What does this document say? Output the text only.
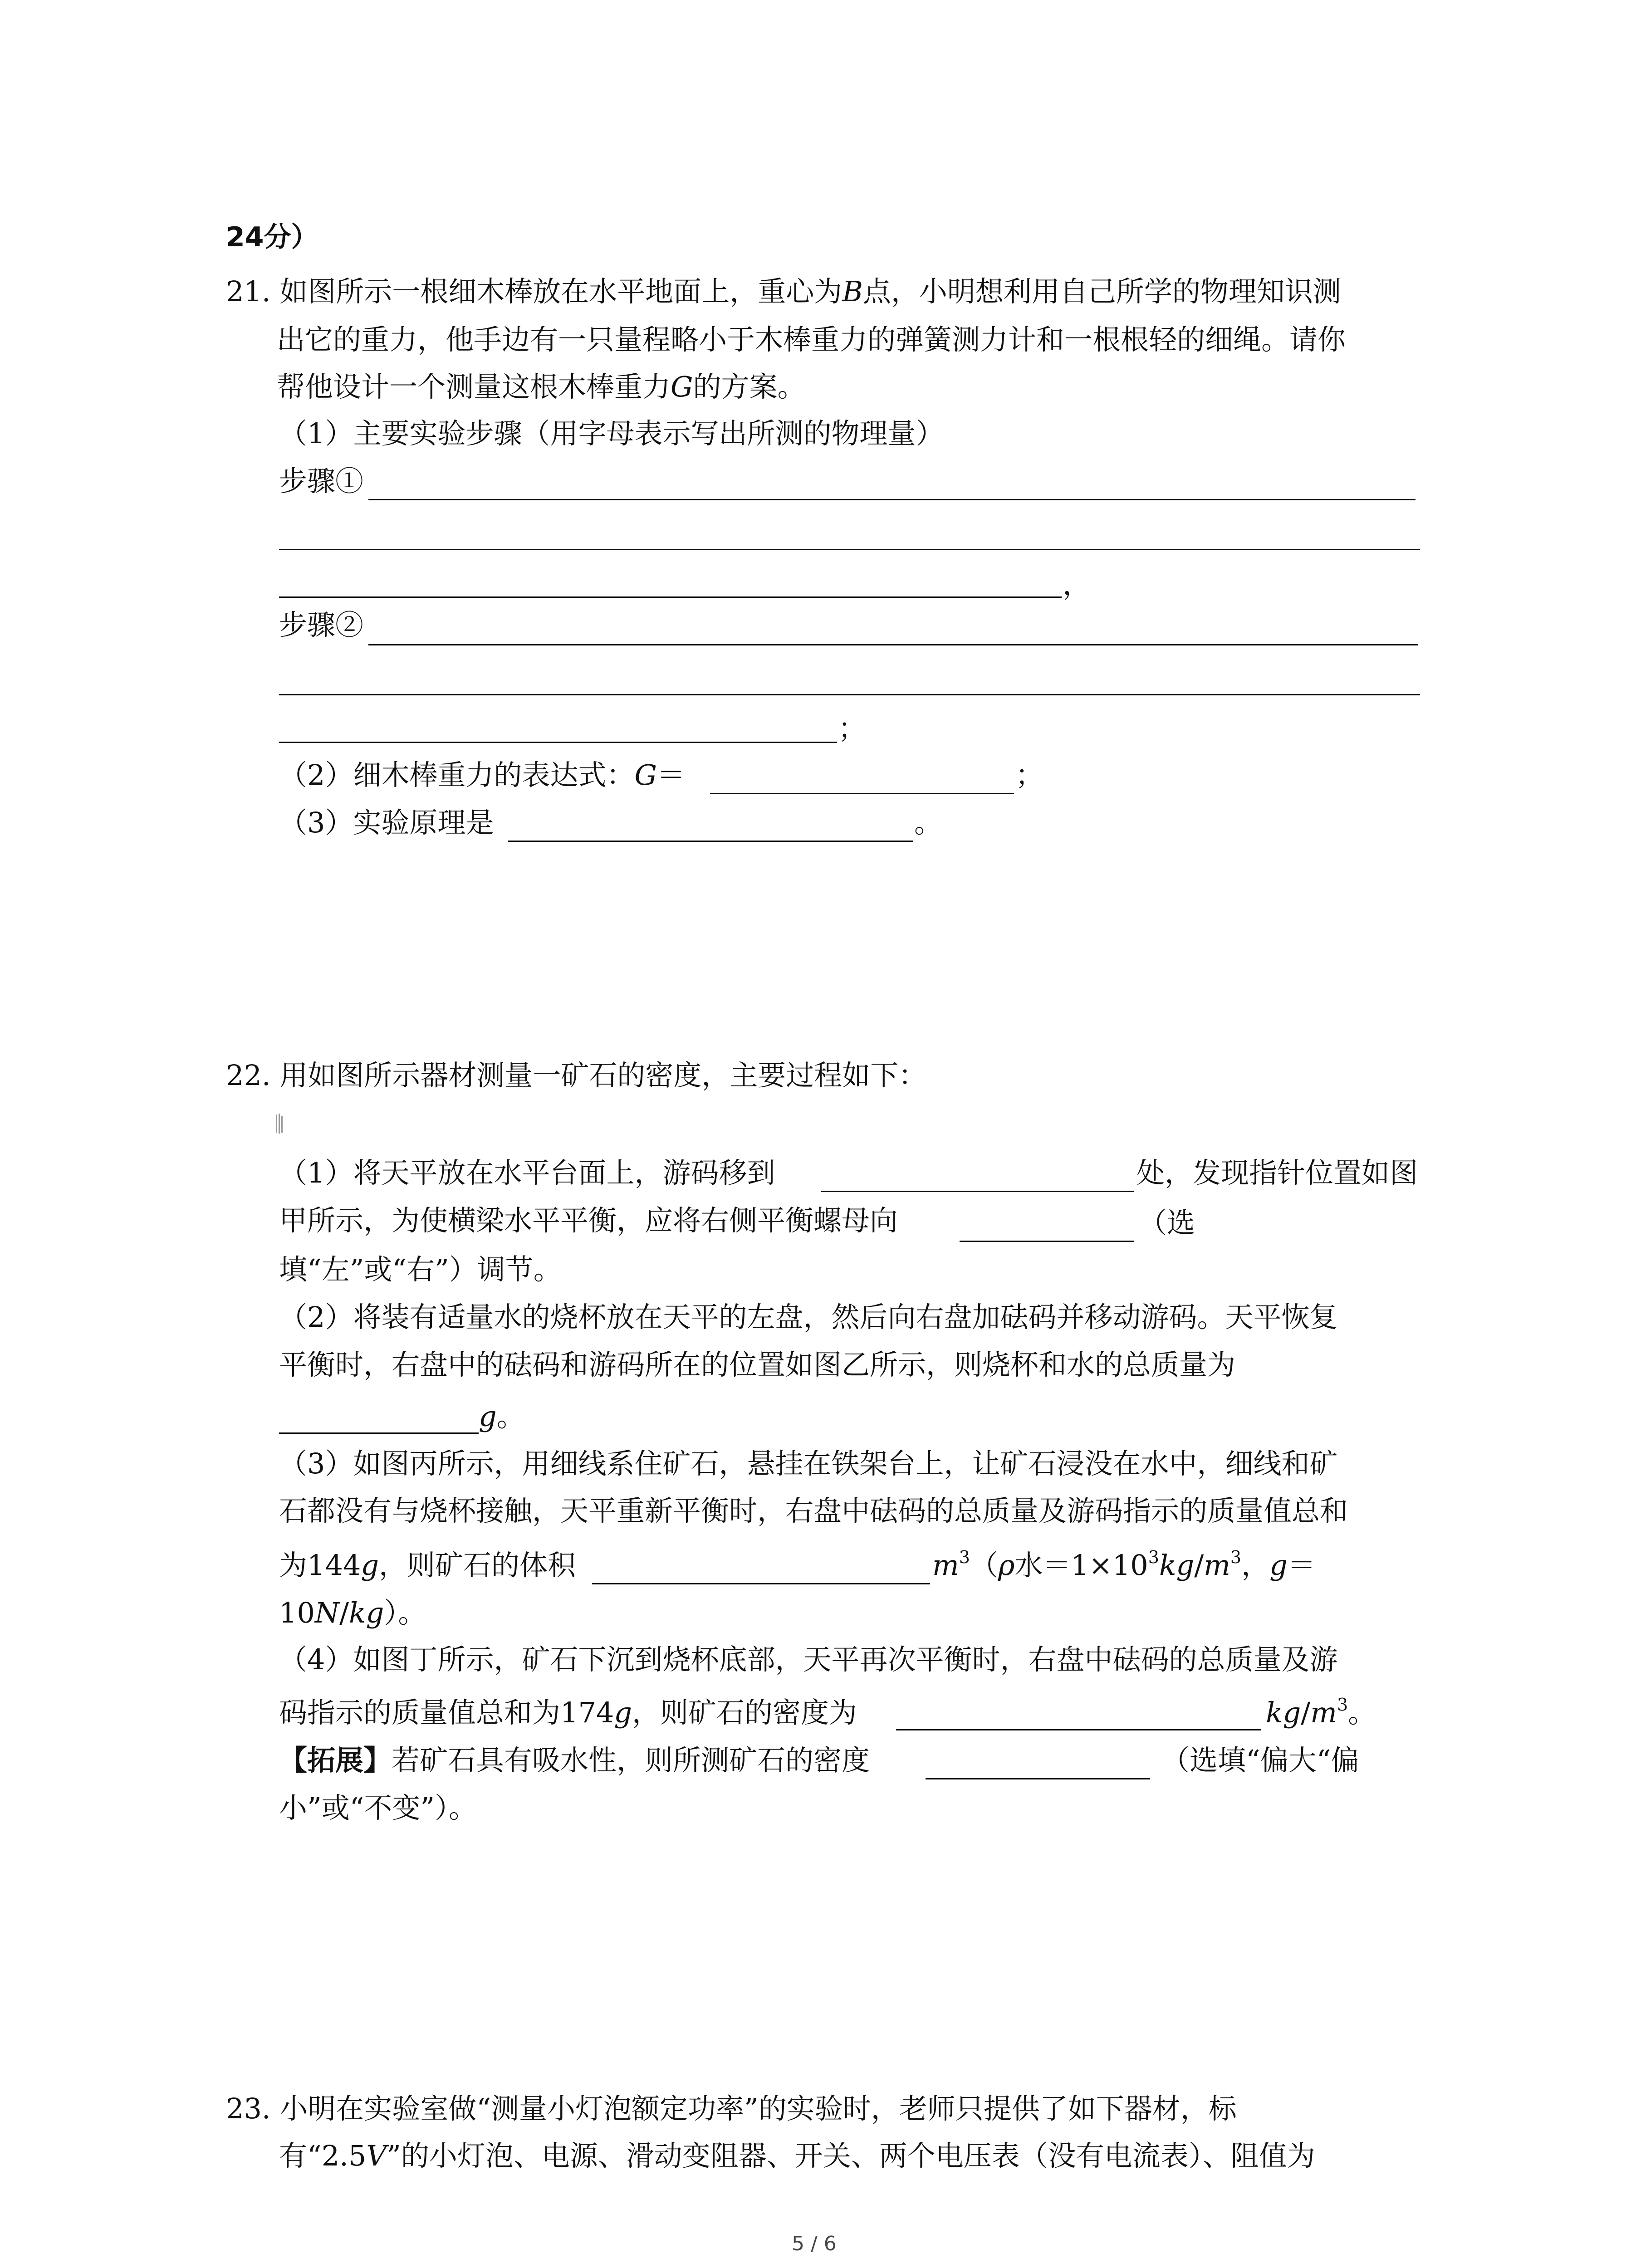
24分）
21. 如图所示一根细木棒放在水平地面上，重心为B点，小明想利用自己所学的物理知识测
出它的重力，他手边有一只量程略小于木棒重力的弹簧测力计和一根根轻的细绳。请你
帮他设计一个测量这根木棒重力G的方案。
（1）主要实验步骤（用字母表示写出所测的物理量）
步骤①
，
步骤②
；
（2）细木棒重力的表达式：G＝	；
（3）实验原理是	。
22. 用如图所示器材测量一矿石的密度，主要过程如下：
（1）将天平放在水平台面上，游码移到	处，发现指针位置如图
甲所示，为使横梁水平平衡，应将右侧平衡螺母向	（选
填“左”或“右”）调节。
（2）将装有适量水的烧杯放在天平的左盘，然后向右盘加砝码并移动游码。天平恢复
平衡时，右盘中的砝码和游码所在的位置如图乙所示，则烧杯和水的总质量为
g。
（3）如图丙所示，用细线系住矿石，悬挂在铁架台上，让矿石浸没在水中，细线和矿
石都没有与烧杯接触，天平重新平衡时，右盘中砝码的总质量及游码指示的质量值总和
为144g，则矿石的体积	$m^3(\rho$水$=1\times 10^3kg/m^3$，g＝
10N/kg）。
（4）如图丁所示，矿石下沉到烧杯底部，天平再次平衡时，右盘中砝码的总质量及游
码指示的质量值总和为174g，则矿石的密度为	$kg/m^3$。
【拓展】若矿石具有吸水性，则所测矿石的密度	（选填“偏大“偏
小”或“不变”）。
23. 小明在实验室做“测量小灯泡额定功率”的实验时，老师只提供了如下器材，标
有“2.5V”的小灯泡、电源、滑动变阻器、开关、两个电压表（没有电流表）、阻值为
5 / 6
